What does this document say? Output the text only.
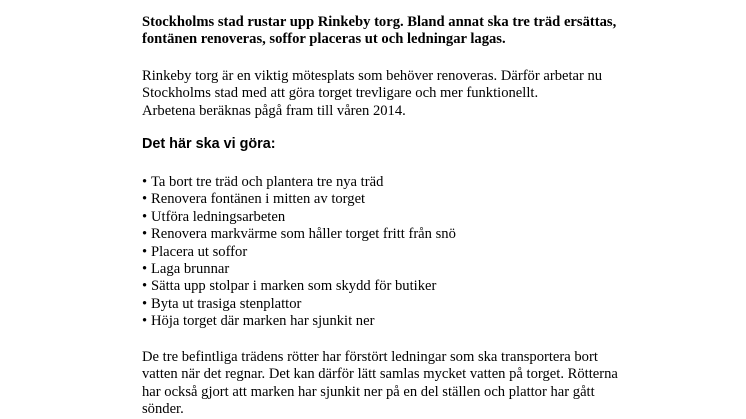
Stockholms stad rustar upp Rinkeby torg. Bland annat ska tre träd ersättas,
fontänen renoveras, soffor placeras ut och ledningar lagas.

Rinkeby torg är en viktig mötesplats som behöver renoveras. Därför arbetar nu
Stockholms stad med att göra torget trevligare och mer funktionellt.
Arbetena beräknas pågå fram till våren 2014.

Det här ska vi göra:
• Ta bort tre träd och plantera tre nya träd
• Renovera fontänen i mitten av torget
• Utföra ledningsarbeten
• Renovera markvärme som håller torget fritt från snö
• Placera ut soffor
• Laga brunnar
• Sätta upp stolpar i marken som skydd för butiker
• Byta ut trasiga stenplattor
• Höja torget där marken har sjunkit ner

De tre befintliga trädens rötter har förstört ledningar som ska transportera bort
vatten när det regnar. Det kan därför lätt samlas mycket vatten på torget. Rötterna
har också gjort att marken har sjunkit ner på en del ställen och plattor har gått
sönder.
